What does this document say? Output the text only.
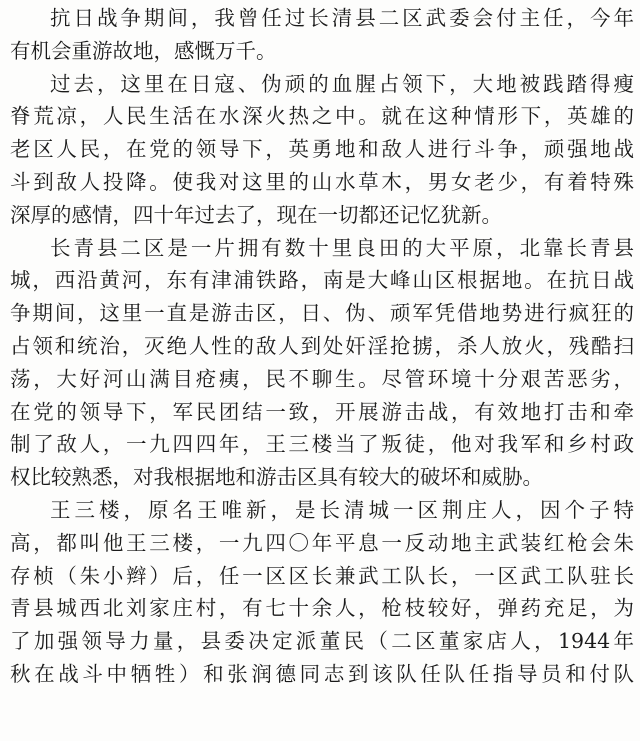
抗日战争期间，我曾任过长清县二区武委会付主任，今年
有机会重游故地，感慨万千。
过去，这里在日寇、伪顽的血腥占领下，大地被践踏得瘦
脊荒凉，人民生活在水深火热之中。就在这种情形下，英雄的
老区人民，在党的领导下，英勇地和敌人进行斗争，顽强地战
斗到敌人投降。使我对这里的山水草木，男女老少，有着特殊
深厚的感情，四十年过去了，现在一切都还记忆犹新。
长青县二区是一片拥有数十里良田的大平原，北靠长青县
城，西沿黄河，东有津浦铁路，南是大峰山区根据地。在抗日战
争期间，这里一直是游击区，日、伪、顽军凭借地势进行疯狂的
占领和统治，灭绝人性的敌人到处奸淫抢掳，杀人放火，残酷扫
荡，大好河山满目疮痍，民不聊生。尽管环境十分艰苦恶劣，
在党的领导下，军民团结一致，开展游击战，有效地打击和牵
制了敌人，一九四四年，王三楼当了叛徒，他对我军和乡村政
权比较熟悉，对我根据地和游击区具有较大的破坏和威胁。
王三楼，原名王唯新，是长清城一区荆庄人，因个子特
高，都叫他王三楼，一九四〇年平息一反动地主武装红枪会朱
存桢（朱小辫）后，任一区区长兼武工队长，一区武工队驻长
青县城西北刘家庄村，有七十余人，枪枝较好，弹药充足，为
了加强领导力量，县委决定派董民（二区董家店人，1944年
秋在战斗中牺牲）和张润德同志到该队任队任指导员和付队
